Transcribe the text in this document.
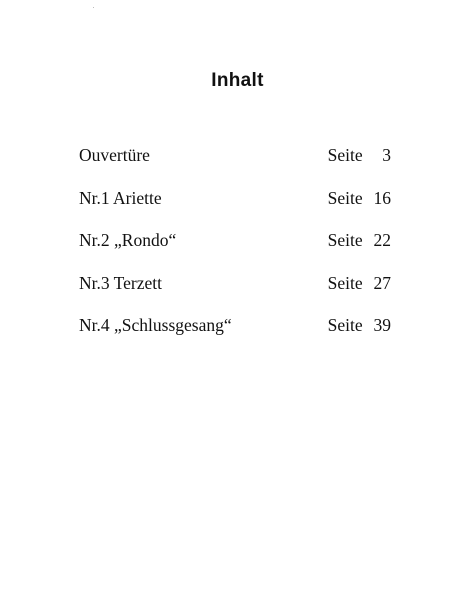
Inhalt
Ouvertüre	Seite 3
Nr.1 Ariette	Seite 16
Nr.2 „Rondo“	Seite 22
Nr.3 Terzett	Seite 27
Nr.4 „Schlussgesang“	Seite 39
